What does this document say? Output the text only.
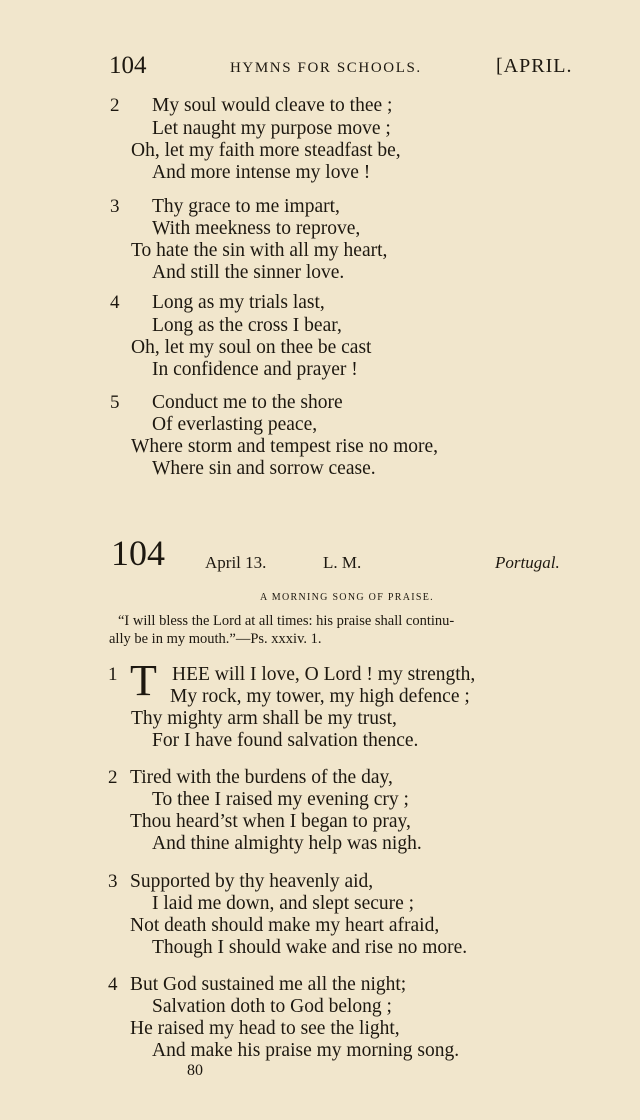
104	HYMNS FOR SCHOOLS.	[APRIL.
2 My soul would cleave to thee ;
Let naught my purpose move ;
Oh, let my faith more steadfast be,
And more intense my love !
3 Thy grace to me impart,
With meekness to reprove,
To hate the sin with all my heart,
And still the sinner love.
4 Long as my trials last,
Long as the cross I bear,
Oh, let my soul on thee be cast
In confidence and prayer !
5 Conduct me to the shore
Of everlasting peace,
Where storm and tempest rise no more,
Where sin and sorrow cease.
104 April 13.	L. M.	Portugal.
A MORNING SONG OF PRAISE.
“I will bless the Lord at all times: his praise shall continu-
ally be in my mouth.”—Ps. xxxiv. 1.
1 T HEE will I love, O Lord ! my strength,
My rock, my tower, my high defence ;
Thy mighty arm shall be my trust,
For I have found salvation thence.
2 Tired with the burdens of the day,
To thee I raised my evening cry ;
Thou heard’st when I began to pray,
And thine almighty help was nigh.
3 Supported by thy heavenly aid,
I laid me down, and slept secure ;
Not death should make my heart afraid,
Though I should wake and rise no more.
4 But God sustained me all the night;
Salvation doth to God belong ;
He raised my head to see the light,
And make his praise my morning song.
80
